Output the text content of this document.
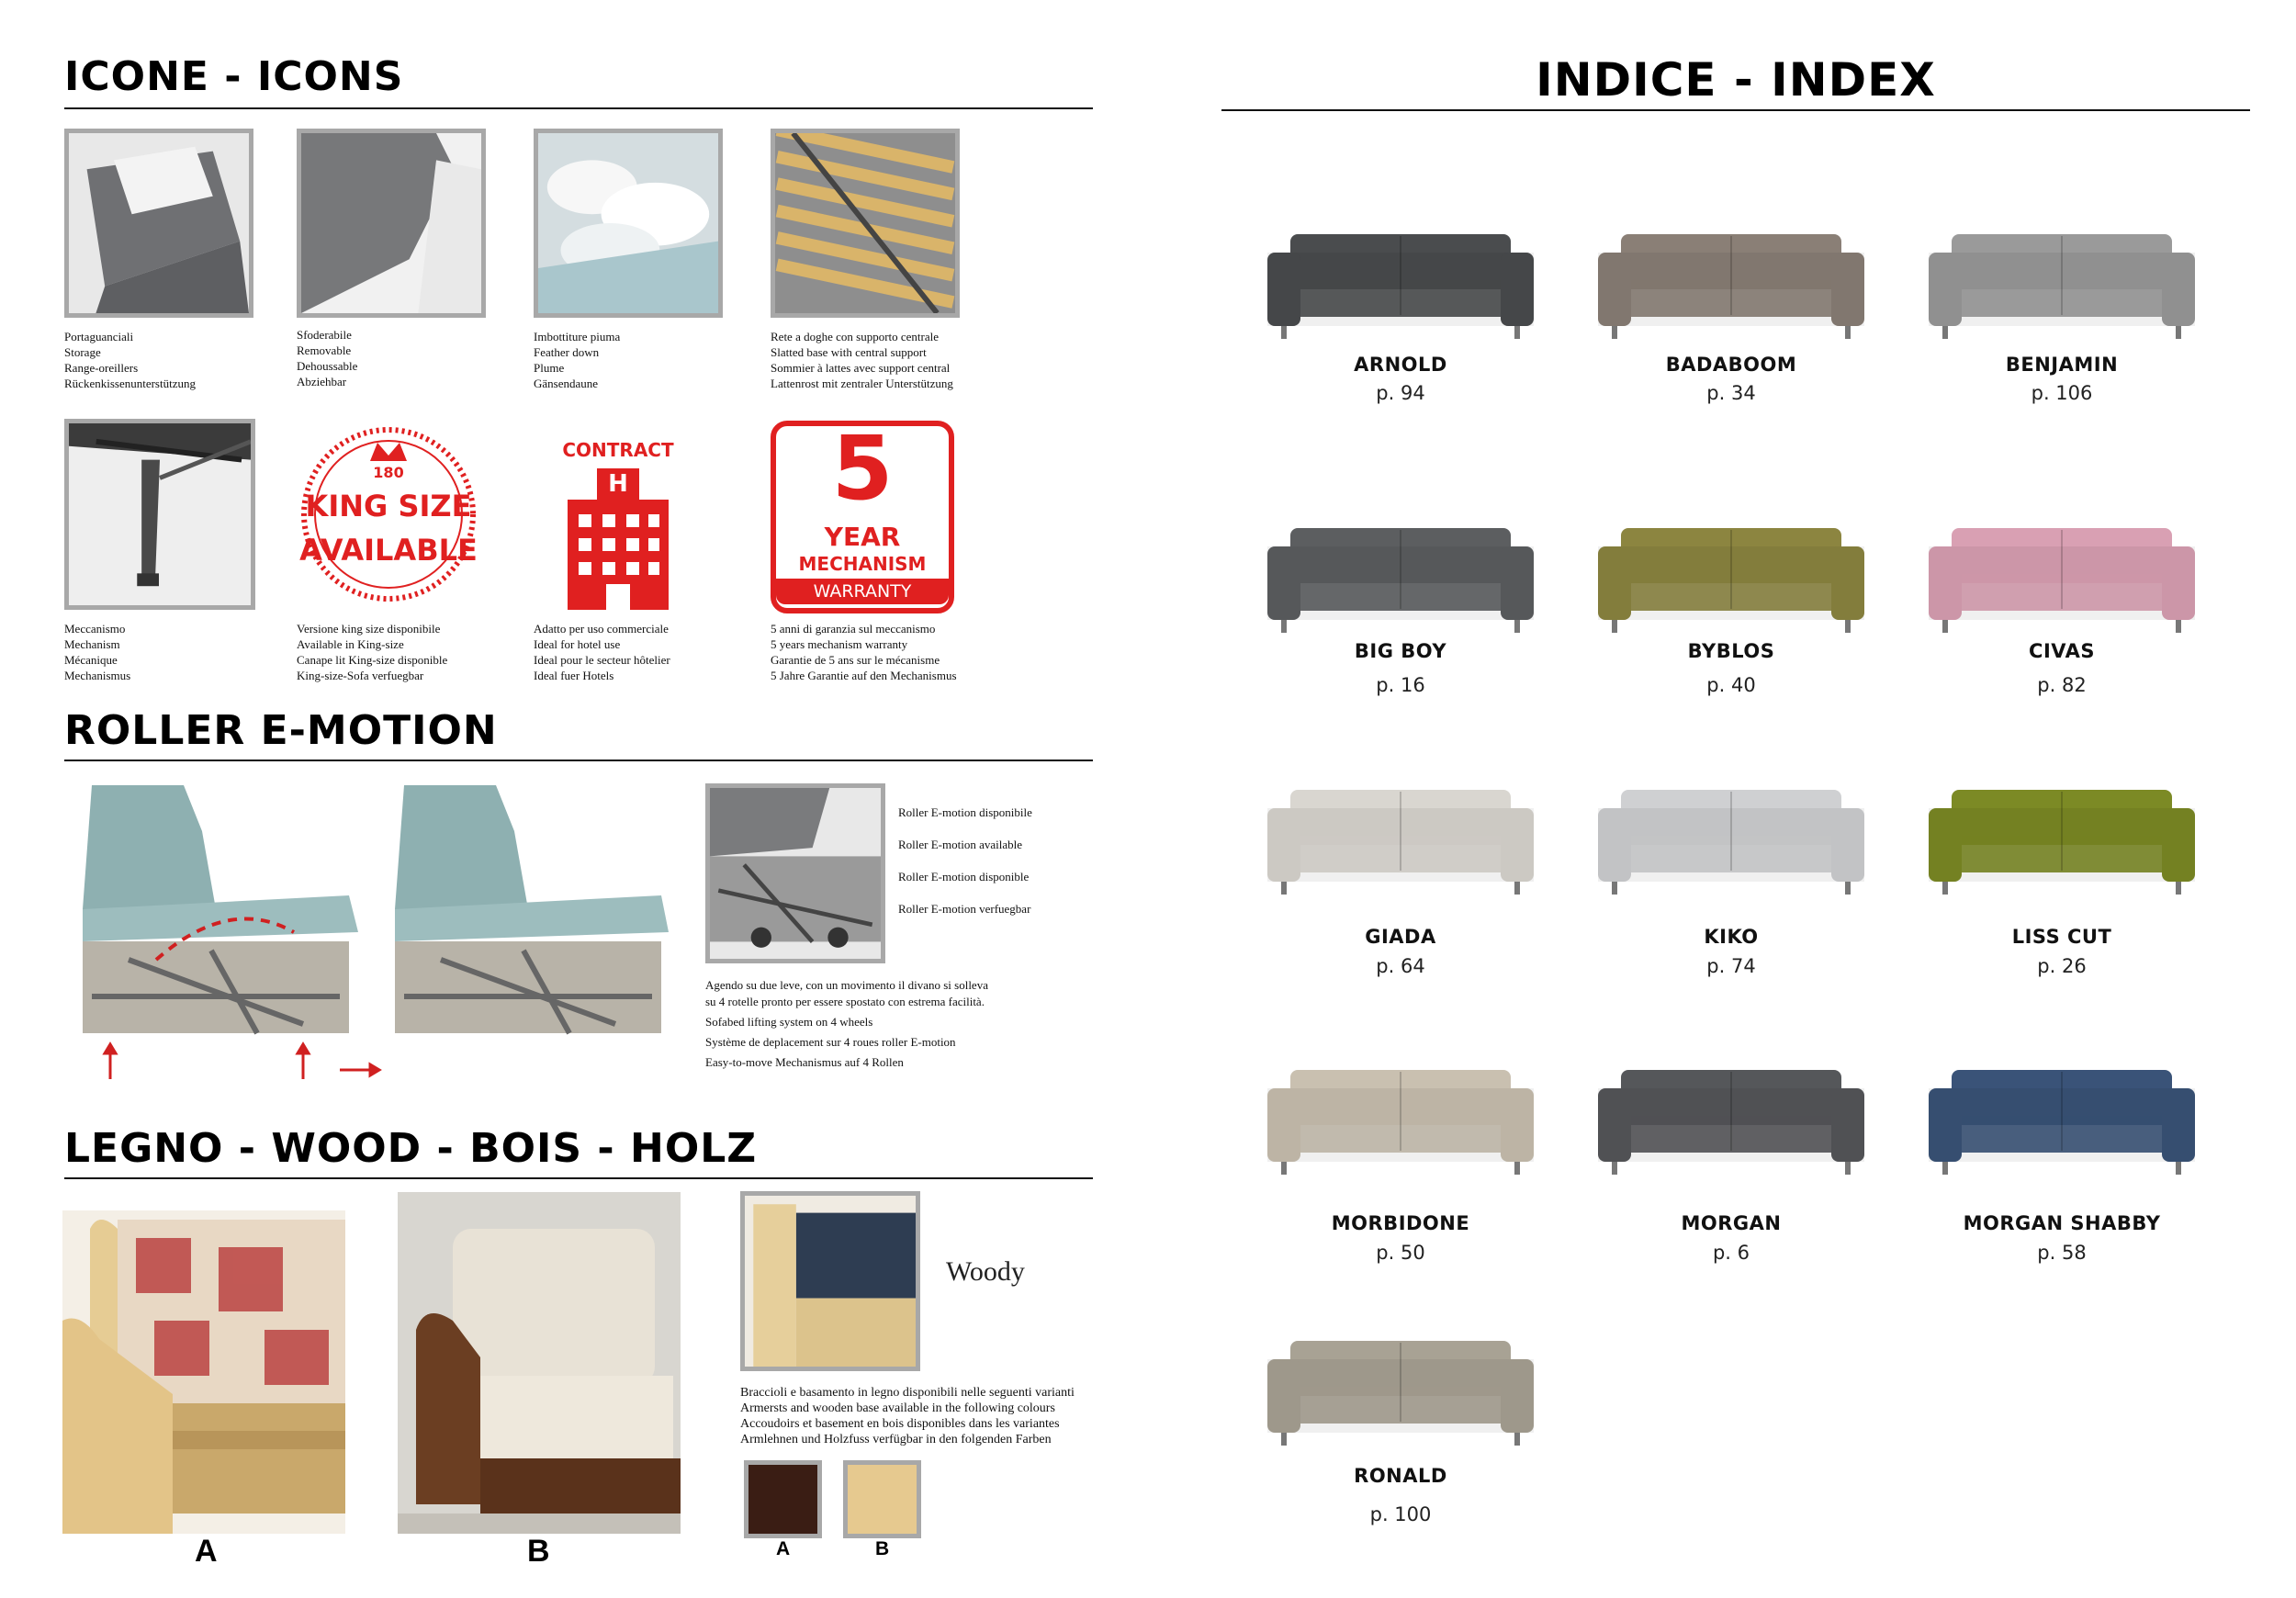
ICONE - ICONS
Portaguanciali
Storage
Range-oreillers
Rückenkissenunterstützung
Sfoderabile
Removable
Dehoussable
Abziehbar
Imbottiture piuma
Feather down
Plume
Gänsendaune
Rete a doghe con supporto centrale
Slatted base with central support
Sommier à lattes avec support central
Lattenrost mit zentraler Unterstützung
180
KING SIZE
AVAILABLE
CONTRACT
H	5
YEAR
MECHANISM
WARRANTY
Meccanismo
Mechanism
Mécanique
Mechanismus
Versione king size disponibile
Available in King-size
Canape lit King-size disponible
King-size-Sofa verfuegbar
Adatto per uso commerciale
Ideal for hotel use
Ideal pour le secteur hôtelier
Ideal fuer Hotels
5 anni di garanzia sul meccanismo
5 years mechanism warranty
Garantie de 5 ans sur le mécanisme
5 Jahre Garantie auf den Mechanismus
ROLLER E-MOTION
Roller E-motion disponibile
Roller E-motion available
Roller E-motion disponible
Roller E-motion verfuegbar
Agendo su due leve, con un movimento il divano si solleva
su 4 rotelle pronto per essere spostato con estrema facilità.
Sofabed lifting system on 4 wheels
Système de deplacement sur 4 roues roller E-motion
Easy-to-move Mechanismus auf 4 Rollen
LEGNO - WOOD - BOIS - HOLZ
A	B
Woody
Braccioli e basamento in legno disponibili nelle seguenti varianti
Armersts and wooden base available in the following colours
Accoudoirs et basement en bois disponibles dans les variantes
Armlehnen und Holzfuss verfügbar in den folgenden Farben
A	B
INDICE - INDEX
ARNOLD
p. 94
BADABOOM
p. 34
BENJAMIN
p. 106
BIG BOY
p. 16
BYBLOS
p. 40
CIVAS
p. 82
GIADA
p. 64
KIKO
p. 74
LISS CUT
p. 26
MORBIDONE
p. 50
MORGAN
p. 6
MORGAN SHABBY
p. 58
RONALD
p. 100
